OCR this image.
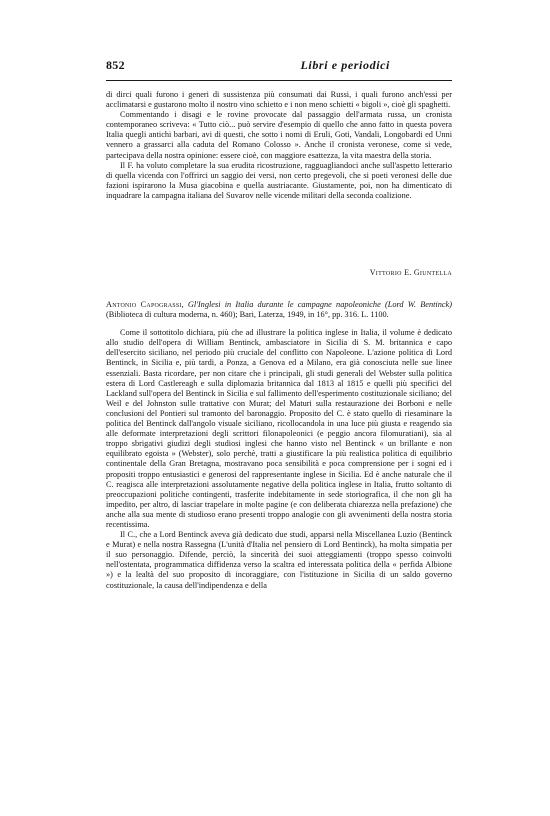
852	Libri e periodici

di dirci quali furono i generi di sussistenza più consumati dai Russi, i quali furono anch'essi per acclimatarsi e gustarono molto il nostro vino schietto e i non meno schietti « bigoli », cioè gli spaghetti.

Commentando i disagi e le rovine provocate dal passaggio dell'armata russa, un cronista contemporaneo scriveva: « Tutto ciò... può servire d'esempio di quello che anno fatto in questa povera Italia quegli antichi barbari, avi di questi, che sotto i nomi di Eruli, Goti, Vandali, Longobardi ed Unni vennero a grassarci alla caduta del Romano Colosso ». Anche il cronista veronese, come si vede, partecipava della nostra opinione: essere cioè, con maggiore esattezza, la vita maestra della storia.

Il F. ha voluto completare la sua erudita ricostruzione, ragguagliandoci anche sull'aspetto letterario di quella vicenda con l'offrirci un saggio dei versi, non certo pregevoli, che si poeti veronesi delle due fazioni ispirarono la Musa giacobina e quella austriacante. Giustamente, poi, non ha dimenticato di inquadrare la campagna italiana del Suvarov nelle vicende militari della seconda coalizione.

Vittorio E. Giuntella

Antonio Capograssi, Gl'Inglesi in Italia durante le campagne napoleoniche (Lord W. Bentinck) (Biblioteca di cultura moderna, n. 460); Bari, Laterza, 1949, in 16°, pp. 316. L. 1100.

Come il sottotitolo dichiara, più che ad illustrare la politica inglese in Italia, il volume è dedicato allo studio dell'opera di William Bentinck, ambasciatore in Sicilia di S. M. britannica e capo dell'esercito siciliano, nel periodo più cruciale del conflitto con Napoleone. L'azione politica di Lord Bentinck, in Sicilia e, più tardi, a Ponza, a Genova ed a Milano, era già conosciuta nelle sue linee essenziali. Basta ricordare, per non citare che i principali, gli studi generali del Webster sulla politica estera di Lord Castlereagh e sulla diplomazia britannica dal 1813 al 1815 e quelli più specifici del Lackland sull'opera del Bentinck in Sicilia e sul fallimento dell'esperimento costituzionale siciliano; del Weil e del Johnston sulle trattative con Murat; del Maturi sulla restaurazione dei Borboni e nelle conclusioni del Pontieri sul tramonto del baronaggio. Proposito del C. è stato quello di riesaminare la politica del Bentinck dall'angolo visuale siciliano, ricollocandola in una luce più giusta e reagendo sia alle deformate interpretazioni degli scrittori filonapoleonici (e peggio ancora filomuratiani), sia al troppo sbrigativi giudizi degli studiosi inglesi che hanno visto nel Bentinck « un brillante e non equilibrato egoista » (Webster), solo perchè, tratti a giustificare la più realistica politica di equilibrio continentale della Gran Bretagna, mostravano poca sensibilità e poca comprensione per i sogni ed i propositi troppo entusiastici e generosi del rappresentante inglese in Sicilia. Ed è anche naturale che il C. reagisca alle interpretazioni assolutamente negative della politica inglese in Italia, frutto soltanto di preoccupazioni politiche contingenti, trasferite indebitamente in sede storiografica, il che non gli ha impedito, per altro, di lasciar trapelare in molte pagine (e con deliberata chiarezza nella prefazione) che anche alla sua mente di studioso erano presenti troppo analogie con gli avvenimenti della nostra storia recentissima.

Il C., che a Lord Bentinck aveva già dedicato due studi, apparsi nella Miscellanea Luzio (Bentinck e Murat) e nella nostra Rassegna (L'unità d'Italia nel pensiero di Lord Bentinck), ha molta simpatia per il suo personaggio. Difende, perciò, la sincerità dei suoi atteggiamenti (troppo spesso coinvolti nell'ostentata, programmatica diffidenza verso la scaltra ed interessata politica della « perfida Albione ») e la lealtà del suo proposito di incoraggiare, con l'istituzione in Sicilia di un saldo governo costituzionale, la causa dell'indipendenza e della
